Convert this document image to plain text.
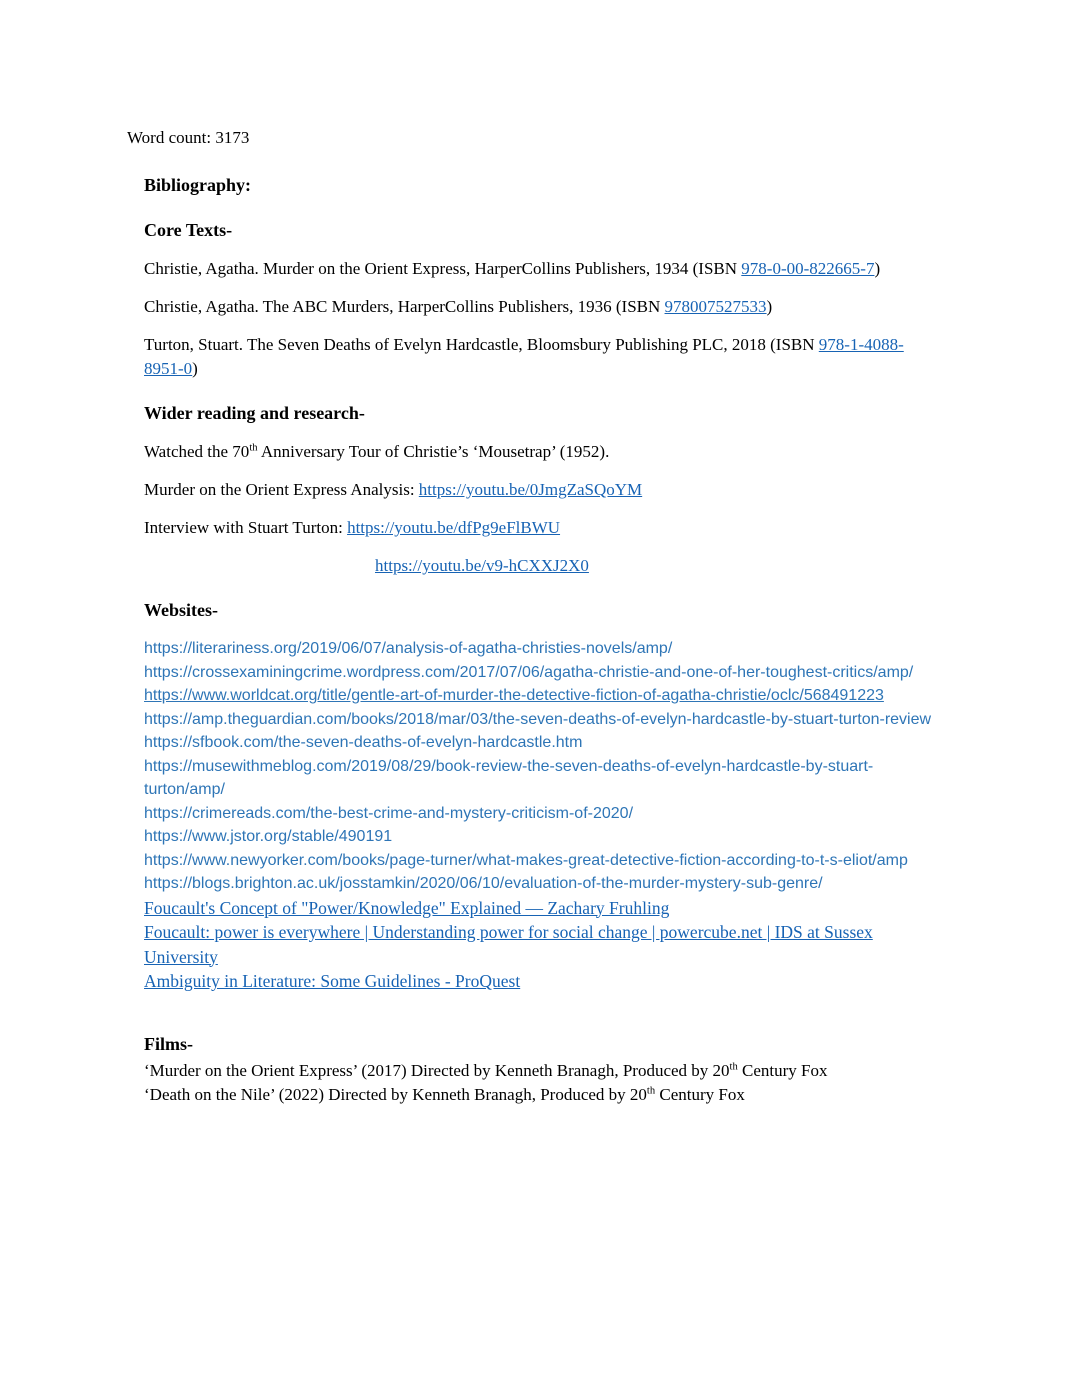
Word count: 3173

Bibliography:
Core Texts-

Christie, Agatha. Murder on the Orient Express, HarperCollins Publishers, 1934 (ISBN 978-0-00-822665-7)

Christie, Agatha. The ABC Murders, HarperCollins Publishers, 1936 (ISBN 978007527533)

Turton, Stuart. The Seven Deaths of Evelyn Hardcastle, Bloomsbury Publishing PLC, 2018 (ISBN 978-1-4088-8951-0)

Wider reading and research-

Watched the 70th Anniversary Tour of Christie’s ‘Mousetrap’ (1952).

Murder on the Orient Express Analysis: https://youtu.be/0JmgZaSQoYM

Interview with Stuart Turton: https://youtu.be/dfPg9eFlBWU

https://youtu.be/v9-hCXXJ2X0

Websites-
https://literariness.org/2019/06/07/analysis-of-agatha-christies-novels/amp/
https://crossexaminingcrime.wordpress.com/2017/07/06/agatha-christie-and-one-of-her-toughest-critics/amp/
https://www.worldcat.org/title/gentle-art-of-murder-the-detective-fiction-of-agatha-christie/oclc/568491223
https://amp.theguardian.com/books/2018/mar/03/the-seven-deaths-of-evelyn-hardcastle-by-stuart-turton-review
https://sfbook.com/the-seven-deaths-of-evelyn-hardcastle.htm
https://musewithmeblog.com/2019/08/29/book-review-the-seven-deaths-of-evelyn-hardcastle-by-stuart-turton/amp/
https://crimereads.com/the-best-crime-and-mystery-criticism-of-2020/
https://www.jstor.org/stable/490191
https://www.newyorker.com/books/page-turner/what-makes-great-detective-fiction-according-to-t-s-eliot/amp
https://blogs.brighton.ac.uk/josstamkin/2020/06/10/evaluation-of-the-murder-mystery-sub-genre/
Foucault's Concept of "Power/Knowledge" Explained — Zachary Fruhling
Foucault: power is everywhere | Understanding power for social change | powercube.net | IDS at Sussex University
Ambiguity in Literature: Some Guidelines - ProQuest
Films-

‘Murder on the Orient Express’ (2017) Directed by Kenneth Branagh, Produced by 20th Century Fox

‘Death on the Nile’ (2022) Directed by Kenneth Branagh, Produced by 20th Century Fox
